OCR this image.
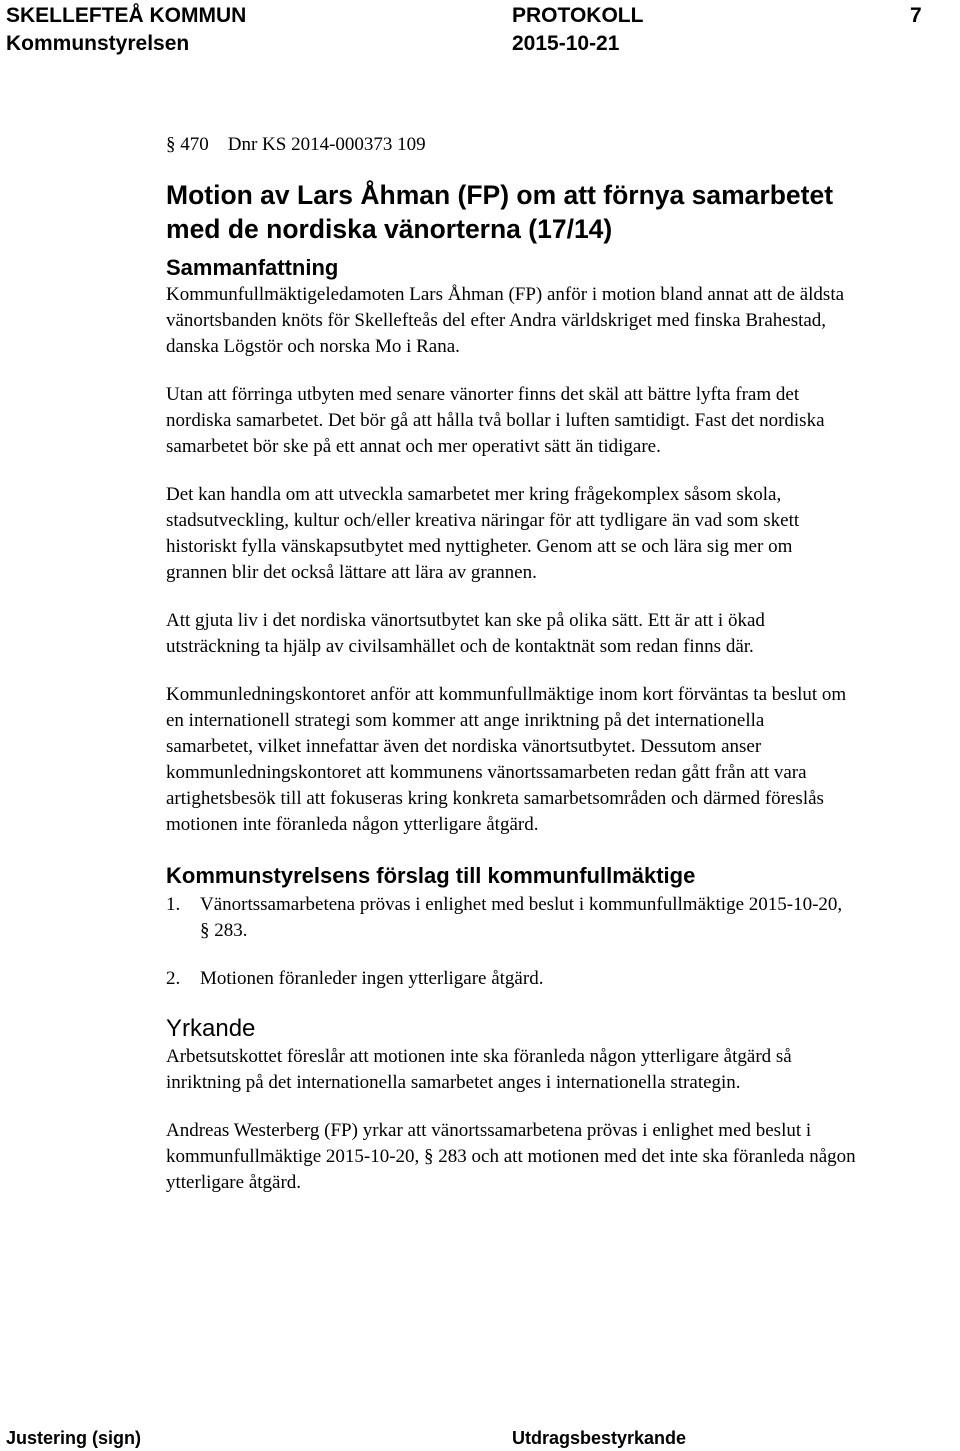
SKELLEFTEÅ KOMMUN
Kommunstyrelsen
PROTOKOLL
2015-10-21
7

§ 470    Dnr KS 2014-000373 109

Motion av Lars Åhman (FP) om att förnya samarbetet med de nordiska vänorterna (17/14)
Sammanfattning

Kommunfullmäktigeledamoten Lars Åhman (FP) anför i motion bland annat att de äldsta vänortsbanden knöts för Skellefteås del efter Andra världskriget med finska Brahestad, danska Lögstör och norska Mo i Rana.

Utan att förringa utbyten med senare vänorter finns det skäl att bättre lyfta fram det nordiska samarbetet. Det bör gå att hålla två bollar i luften samtidigt. Fast det nordiska samarbetet bör ske på ett annat och mer operativt sätt än tidigare.

Det kan handla om att utveckla samarbetet mer kring frågekomplex såsom skola, stadsutveckling, kultur och/eller kreativa näringar för att tydligare än vad som skett historiskt fylla vänskapsutbytet med nyttigheter. Genom att se och lära sig mer om grannen blir det också lättare att lära av grannen.

Att gjuta liv i det nordiska vänortsutbytet kan ske på olika sätt. Ett är att i ökad utsträckning ta hjälp av civilsamhället och de kontaktnät som redan finns där.

Kommunledningskontoret anför att kommunfullmäktige inom kort förväntas ta beslut om en internationell strategi som kommer att ange inriktning på det internationella samarbetet, vilket innefattar även det nordiska vänortsutbytet. Dessutom anser kommunledningskontoret att kommunens vänortssamarbeten redan gått från att vara artighetsbesök till att fokuseras kring konkreta samarbetsområden och därmed föreslås motionen inte föranleda någon ytterligare åtgärd.

Kommunstyrelsens förslag till kommunfullmäktige
1. Vänortssamarbetena prövas i enlighet med beslut i kommunfullmäktige 2015-10-20, § 283.
2. Motionen föranleder ingen ytterligare åtgärd.
Yrkande

Arbetsutskottet föreslår att motionen inte ska föranleda någon ytterligare åtgärd så inriktning på det internationella samarbetet anges i internationella strategin.

Andreas Westerberg (FP) yrkar att vänortssamarbetena prövas i enlighet med beslut i kommunfullmäktige 2015-10-20, § 283 och att motionen med det inte ska föranleda någon ytterligare åtgärd.

Justering (sign)	Utdragsbestyrkande
